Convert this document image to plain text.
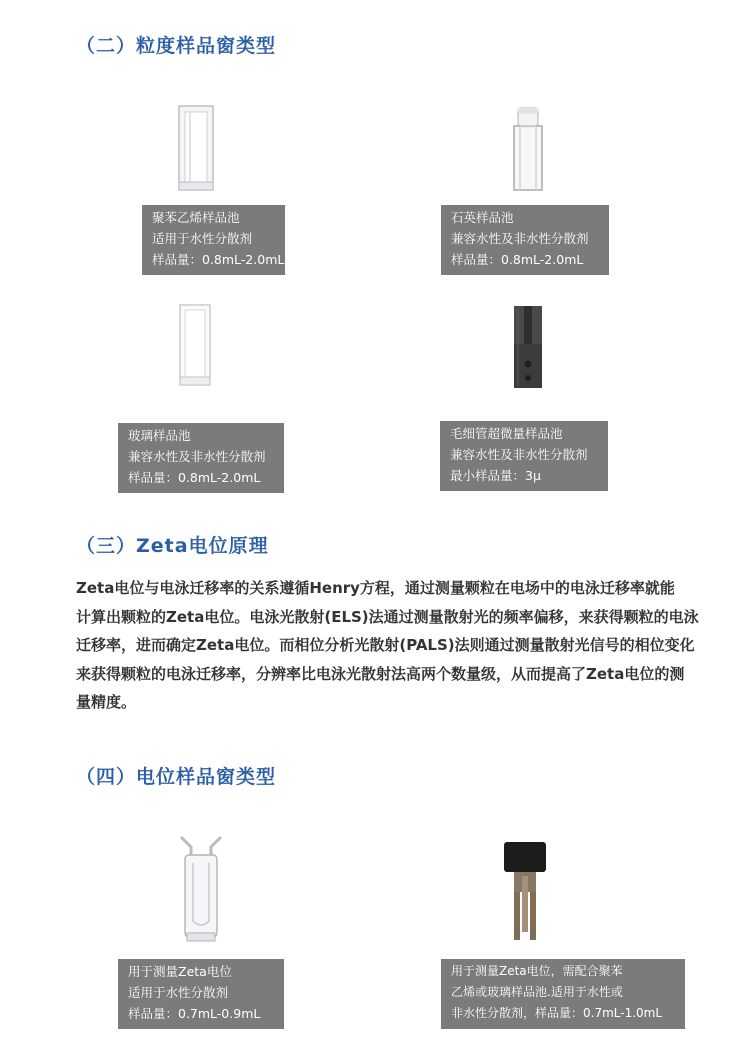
（二）粒度样品窗类型
聚苯乙烯样品池
适用于水性分散剂
样品量：0.8mL-2.0mL
石英样品池
兼容水性及非水性分散剂
样品量：0.8mL-2.0mL
玻璃样品池
兼容水性及非水性分散剂
样品量：0.8mL-2.0mL
毛细管超微量样品池
兼容水性及非水性分散剂
最小样品量：3μ
（三）Zeta电位原理
Zeta电位与电泳迁移率的关系遵循Henry方程，通过测量颗粒在电场中的电泳迁移率就能
计算出颗粒的Zeta电位。电泳光散射(ELS)法通过测量散射光的频率偏移，来获得颗粒的电泳
迁移率，进而确定Zeta电位。而相位分析光散射(PALS)法则通过测量散射光信号的相位变化
来获得颗粒的电泳迁移率，分辨率比电泳光散射法高两个数量级，从而提高了Zeta电位的测
量精度。
（四）电位样品窗类型
用于测量Zeta电位
适用于水性分散剂
样品量：0.7mL-0.9mL
用于测量Zeta电位，需配合聚苯
乙烯或玻璃样品池.适用于水性或
非水性分散剂，样品量：0.7mL-1.0mL
